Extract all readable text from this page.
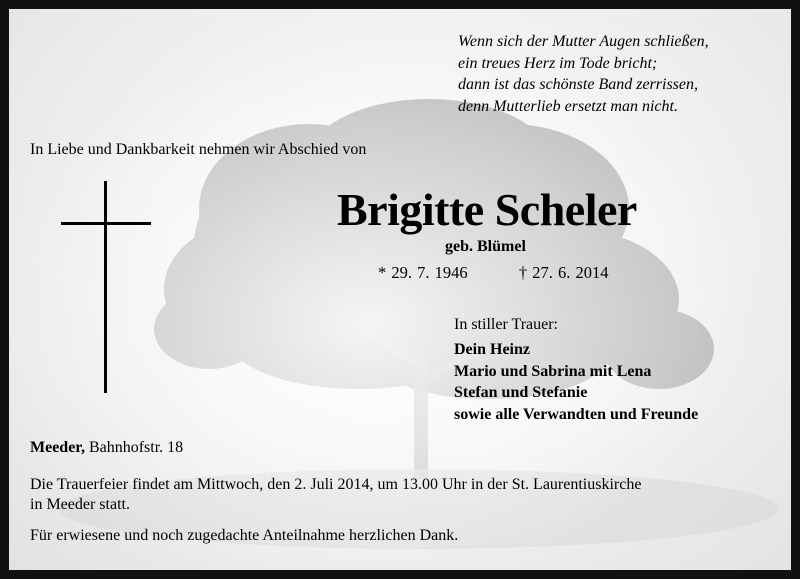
Wenn sich der Mutter Augen schließen,
ein treues Herz im Tode bricht;
dann ist das schönste Band zerrissen,
denn Mutterlieb ersetzt man nicht.
In Liebe und Dankbarkeit nehmen wir Abschied von
Brigitte Scheler
geb. Blümel
* 29. 7. 1946	† 27. 6. 2014
In stiller Trauer:
Dein Heinz
Mario und Sabrina mit Lena
Stefan und Stefanie
sowie alle Verwandten und Freunde
Meeder, Bahnhofstr. 18
Die Trauerfeier findet am Mittwoch, den 2. Juli 2014, um 13.00 Uhr in der St. Laurentiuskirche
in Meeder statt.
Für erwiesene und noch zugedachte Anteilnahme herzlichen Dank.
